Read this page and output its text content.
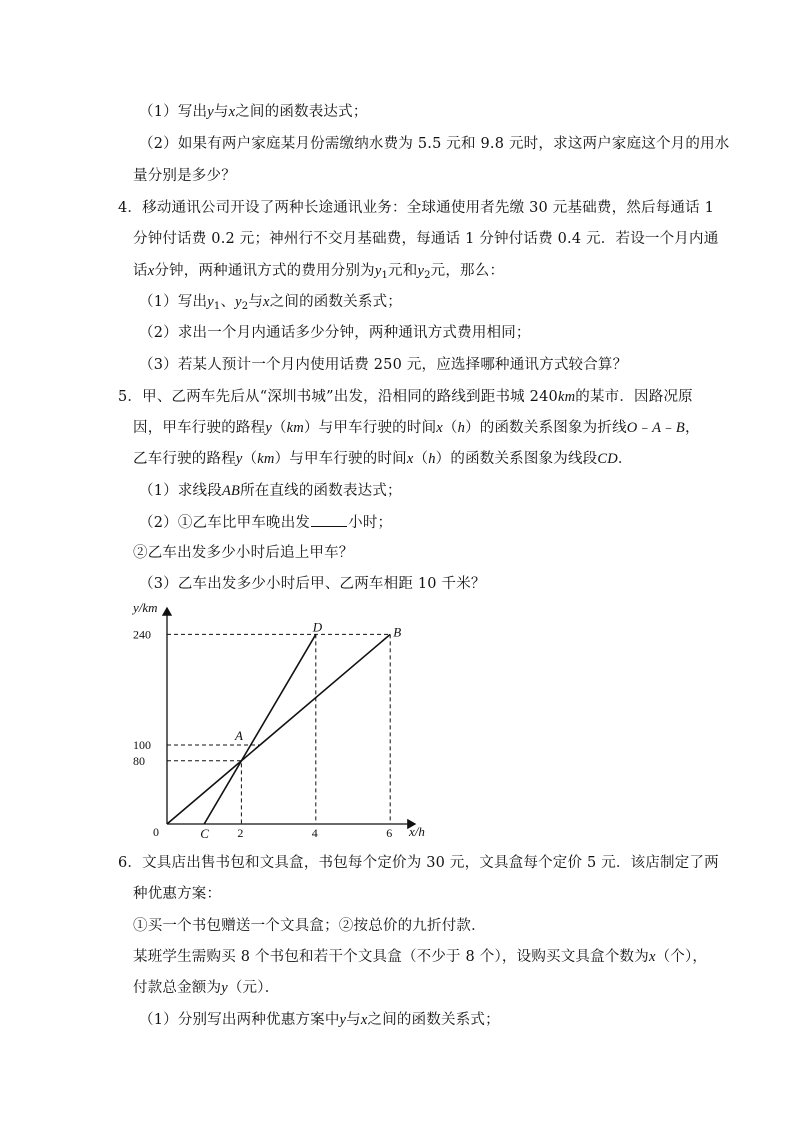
（1）写出y与x之间的函数表达式；
（2）如果有两户家庭某月份需缴纳水费为 5.5 元和 9.8 元时，求这两户家庭这个月的用水
量分别是多少？
4．移动通讯公司开设了两种长途通讯业务：全球通使用者先缴 30 元基础费，然后每通话 1
分钟付话费 0.2 元；神州行不交月基础费，每通话 1 分钟付话费 0.4 元．若设一个月内通
话x分钟，两种通讯方式的费用分别为$y_1$元和$y_2$元，那么：
（1）写出$y_1$、$y_2$与x之间的函数关系式；
（2）求出一个月内通话多少分钟，两种通讯方式费用相同；
（3）若某人预计一个月内使用话费 250 元，应选择哪种通讯方式较合算？
5．甲、乙两车先后从“深圳书城”出发，沿相同的路线到距书城 240km的某市．因路况原
因，甲车行驶的路程y（km）与甲车行驶的时间x（h）的函数关系图象为折线O﹣A﹣B，
乙车行驶的路程y（km）与甲车行驶的时间x（h）的函数关系图象为线段CD．
（1）求线段AB所在直线的函数表达式；
（2）①乙车比甲车晚出发	小时；
②乙车出发多少小时后追上甲车？
（3）乙车出发多少小时后甲、乙两车相距 10 千米？
y/km
x/h
0	2	4	6
80
100
240
A
B
C
D
6．文具店出售书包和文具盒，书包每个定价为 30 元，文具盒每个定价 5 元．该店制定了两
种优惠方案：
①买一个书包赠送一个文具盒；②按总价的九折付款．
某班学生需购买 8 个书包和若干个文具盒（不少于 8 个），设购买文具盒个数为x（个），
付款总金额为y（元）．
（1）分别写出两种优惠方案中y与x之间的函数关系式；
